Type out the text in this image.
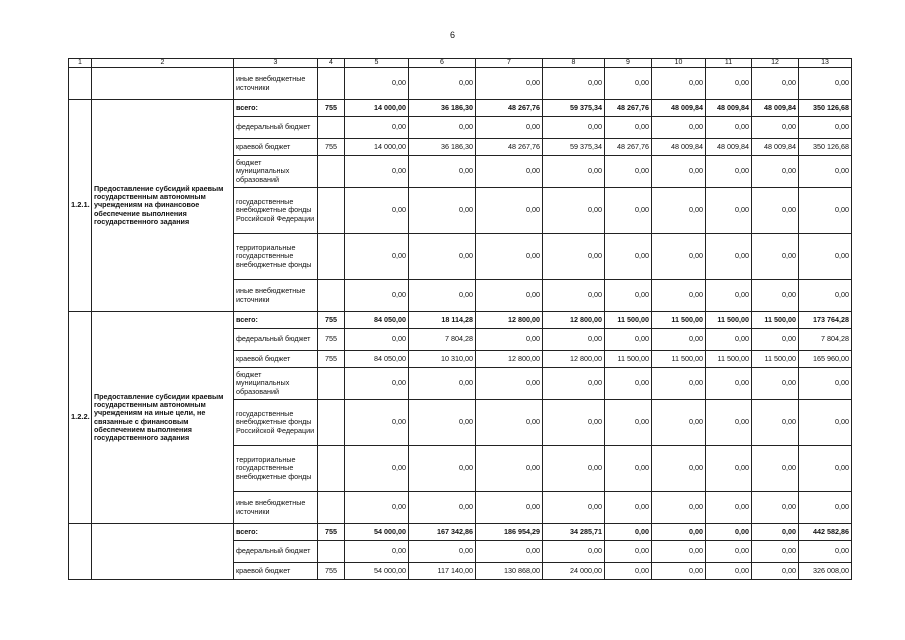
6
1	2	3	4	5	6	7	8	9	10	11	12	13
		иные внебюджетные источники		0,00	0,00	0,00	0,00	0,00	0,00	0,00	0,00	0,00
1.2.1.	Предоставление субсидий краевым государственным автономным учреждениям на финансовое обеспечение выполнения государственного задания	всего:	755	14 000,00	36 186,30	48 267,76	59 375,34	48 267,76	48 009,84	48 009,84	48 009,84	350 126,68
		федеральный бюджет		0,00	0,00	0,00	0,00	0,00	0,00	0,00	0,00	0,00
		краевой бюджет	755	14 000,00	36 186,30	48 267,76	59 375,34	48 267,76	48 009,84	48 009,84	48 009,84	350 126,68
		бюджет муниципальных образований		0,00	0,00	0,00	0,00	0,00	0,00	0,00	0,00	0,00
		государственные внебюджетные фонды Российской Федерации		0,00	0,00	0,00	0,00	0,00	0,00	0,00	0,00	0,00
		территориальные государственные внебюджетные фонды		0,00	0,00	0,00	0,00	0,00	0,00	0,00	0,00	0,00
		иные внебюджетные источники		0,00	0,00	0,00	0,00	0,00	0,00	0,00	0,00	0,00
1.2.2.	Предоставление субсидии краевым государственным автономным учреждениям на иные цели, не связанные с финансовым обеспечением выполнения государственного задания	всего:	755	84 050,00	18 114,28	12 800,00	12 800,00	11 500,00	11 500,00	11 500,00	11 500,00	173 764,28
		федеральный бюджет	755	0,00	7 804,28	0,00	0,00	0,00	0,00	0,00	0,00	7 804,28
		краевой бюджет	755	84 050,00	10 310,00	12 800,00	12 800,00	11 500,00	11 500,00	11 500,00	11 500,00	165 960,00
		бюджет муниципальных образований		0,00	0,00	0,00	0,00	0,00	0,00	0,00	0,00	0,00
		государственные внебюджетные фонды Российской Федерации		0,00	0,00	0,00	0,00	0,00	0,00	0,00	0,00	0,00
		территориальные государственные внебюджетные фонды		0,00	0,00	0,00	0,00	0,00	0,00	0,00	0,00	0,00
		иные внебюджетные источники		0,00	0,00	0,00	0,00	0,00	0,00	0,00	0,00	0,00
		всего:	755	54 000,00	167 342,86	186 954,29	34 285,71	0,00	0,00	0,00	0,00	442 582,86
		федеральный бюджет		0,00	0,00	0,00	0,00	0,00	0,00	0,00	0,00	0,00
		краевой бюджет	755	54 000,00	117 140,00	130 868,00	24 000,00	0,00	0,00	0,00	0,00	326 008,00
